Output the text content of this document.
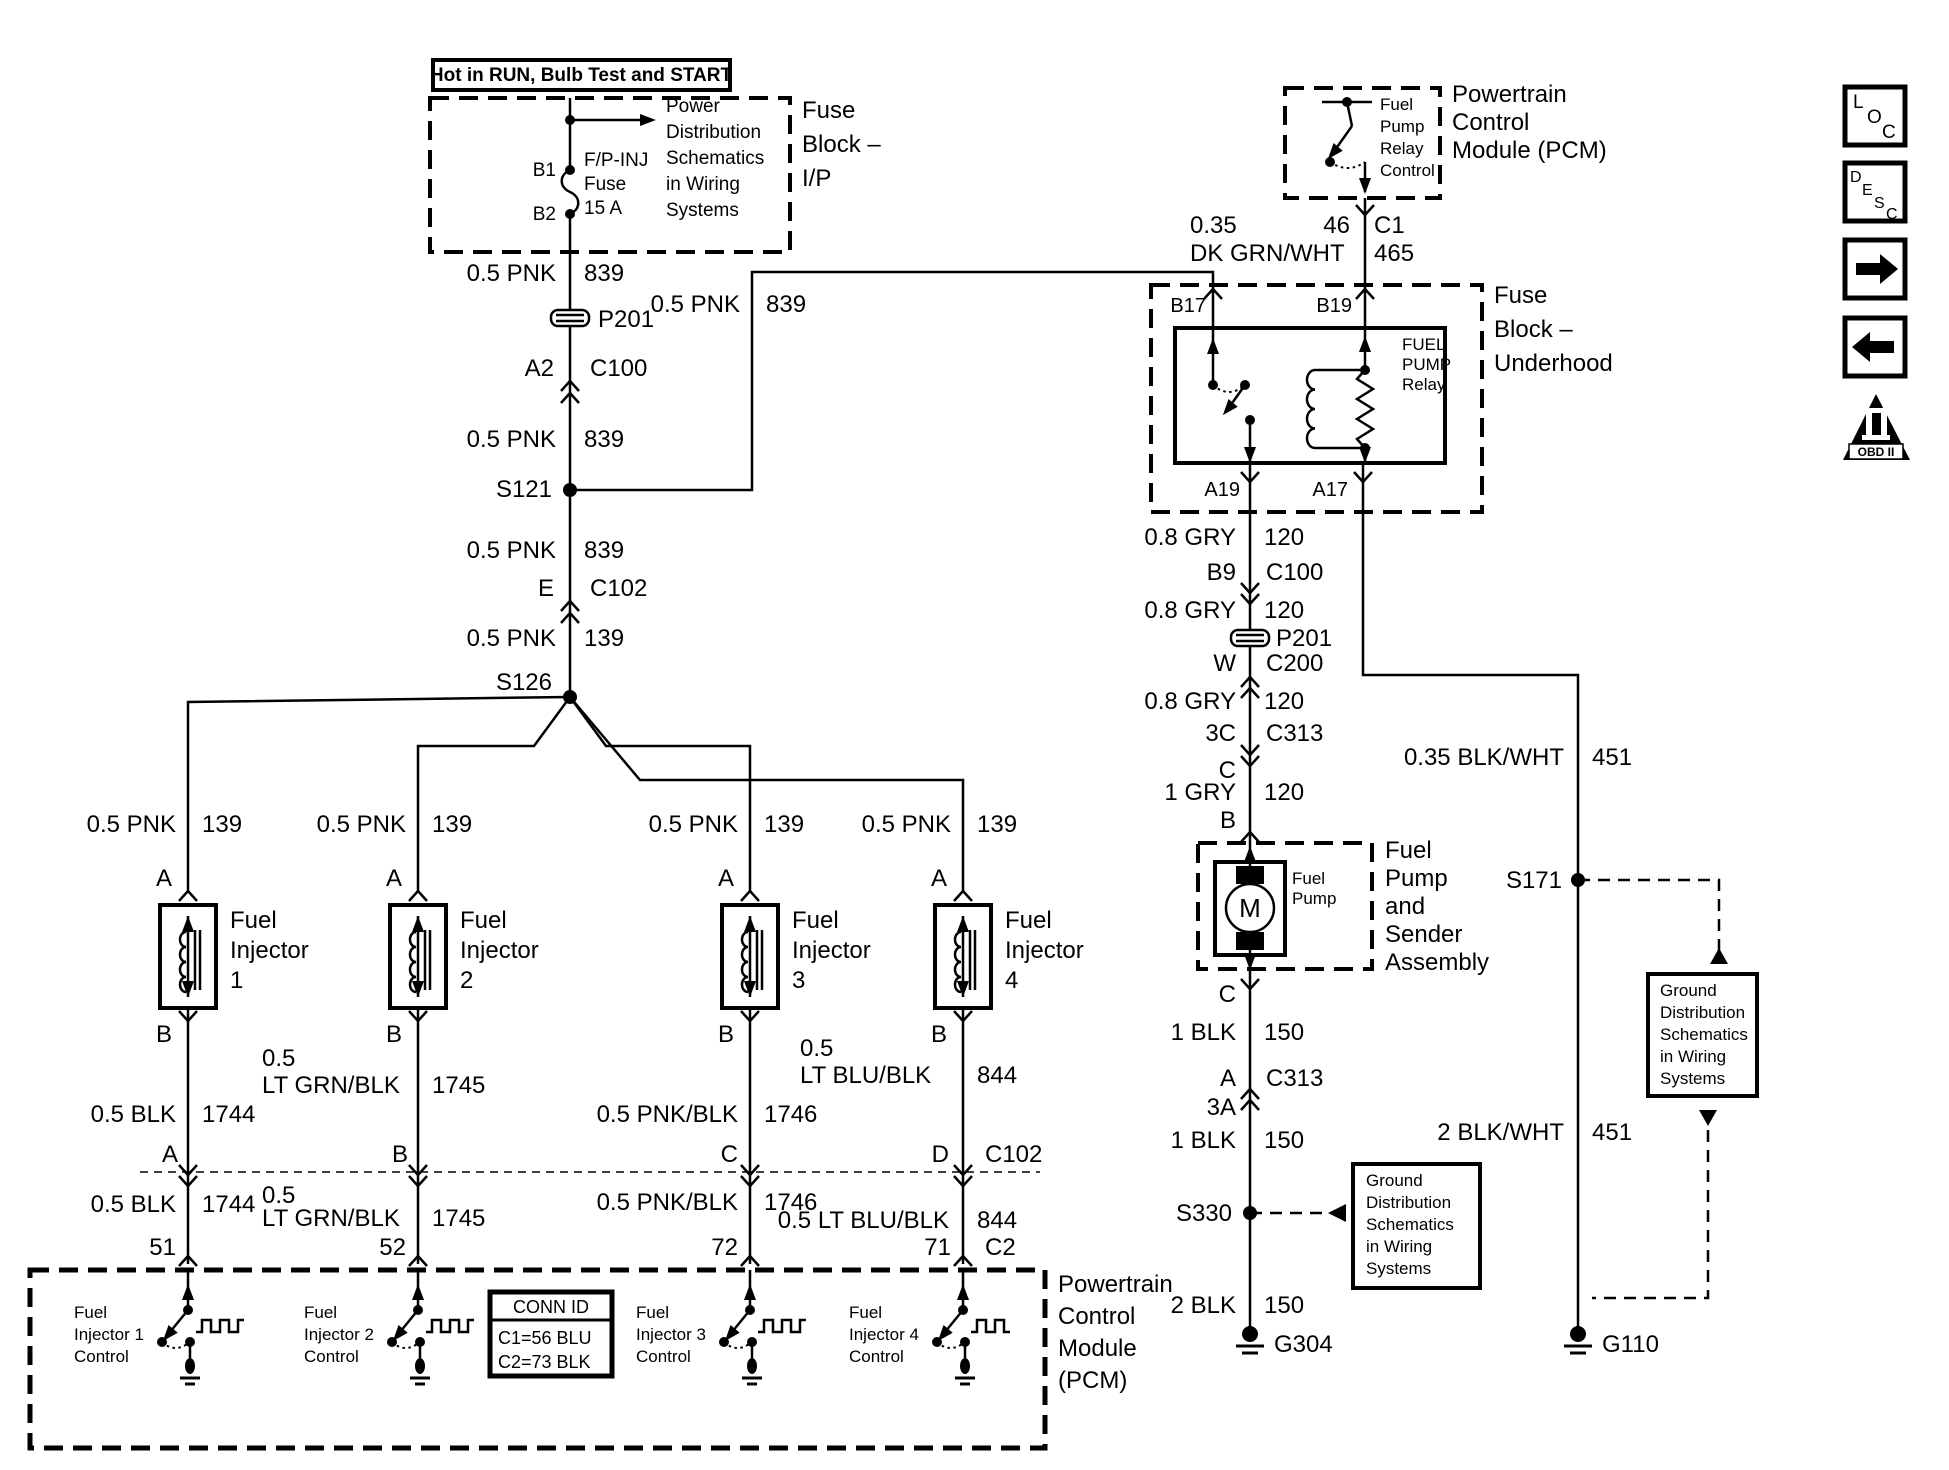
Hot in RUN, Bulb Test and START
Power
Distribution
Schematics
in Wiring
Systems
B1
B2
F/P-INJ
Fuse
15 A
Fuse
Block –
I/P
0.5 PNK 839
P201
A2 C100
0.5 PNK 839
S121
0.5 PNK 839
E C102
0.5 PNK 139
S126
0.5 PNK 839
Fuel
Pump
Relay
Control
Powertrain
Control
Module (PCM)
0.35	46 C1
DK GRN/WHT 465
Fuse
Block –
Underhood
B17	B19
FUEL
PUMP
Relay
A19	A17
0.8 GRY 120
B9 C100
0.8 GRY 120
P201
W C200
0.8 GRY 120
3C C313
C
1 GRY 120
B
M
Fuel
Pump
Fuel
Pump
and
Sender
Assembly
C
1 BLK 150
A C313
3A
1 BLK 150
S330
2 BLK 150
G304
0.35 BLK/WHT 451
S171
2 BLK/WHT 451
G110
Ground
Distribution
Schematics
in Wiring
Systems
Ground
Distribution
Schematics
in Wiring
Systems
0.5 PNK 139
A
Fuel
Injector
1
B
0.5 BLK 1744
A
0.5 BLK 1744
51
0.5 PNK 139
A
Fuel
Injector
2
B
0.5
LT GRN/BLK 1745
B
0.5
LT GRN/BLK 1745
52
0.5 PNK 139
A
Fuel
Injector
3
B
0.5 PNK/BLK 1746
C
0.5 PNK/BLK 1746
72
0.5 PNK 139
A
Fuel
Injector
4
B
0.5
LT BLU/BLK 844
D C102
0.5 LT BLU/BLK 844
71 C2
Powertrain
Control
Module
(PCM)
Fuel
Injector 1
Control
Fuel
Injector 2
Control
CONN ID
C1=56 BLU
C2=73 BLK
Fuel
Injector 3
Control
Fuel
Injector 4
Control
L
O
C
D
E
S
C
OBD II
